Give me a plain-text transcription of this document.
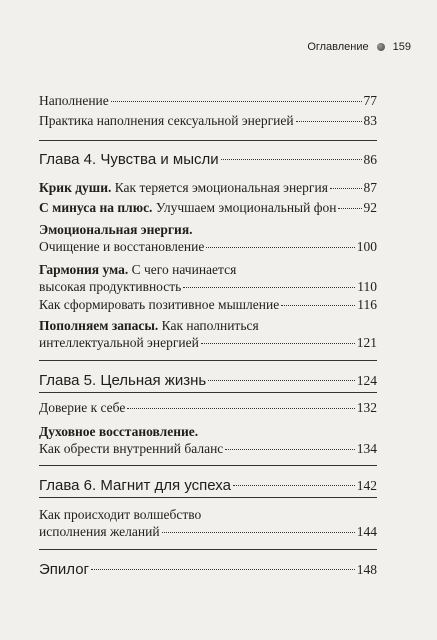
Оглавление 159
Наполнение	77
Практика наполнения сексуальной энергией	83
Глава 4. Чувства и мысли	86
Крик души. Как теряется эмоциональная энергия	87
С минуса на плюс. Улучшаем эмоциональный фон 92
Эмоциональная энергия.
Очищение и восстановление	100
Гармония ума. С чего начинается
высокая продуктивность	110
Как сформировать позитивное мышление	116
Пополняем запасы. Как наполниться
интеллектуальной энергией	121
Глава 5. Цельная жизнь	124
Доверие к себе	132
Духовное восстановление.
Как обрести внутренний баланс	134
Глава 6. Магнит для успеха	142
Как происходит волшебство
исполнения желаний	144
Эпилог	148
